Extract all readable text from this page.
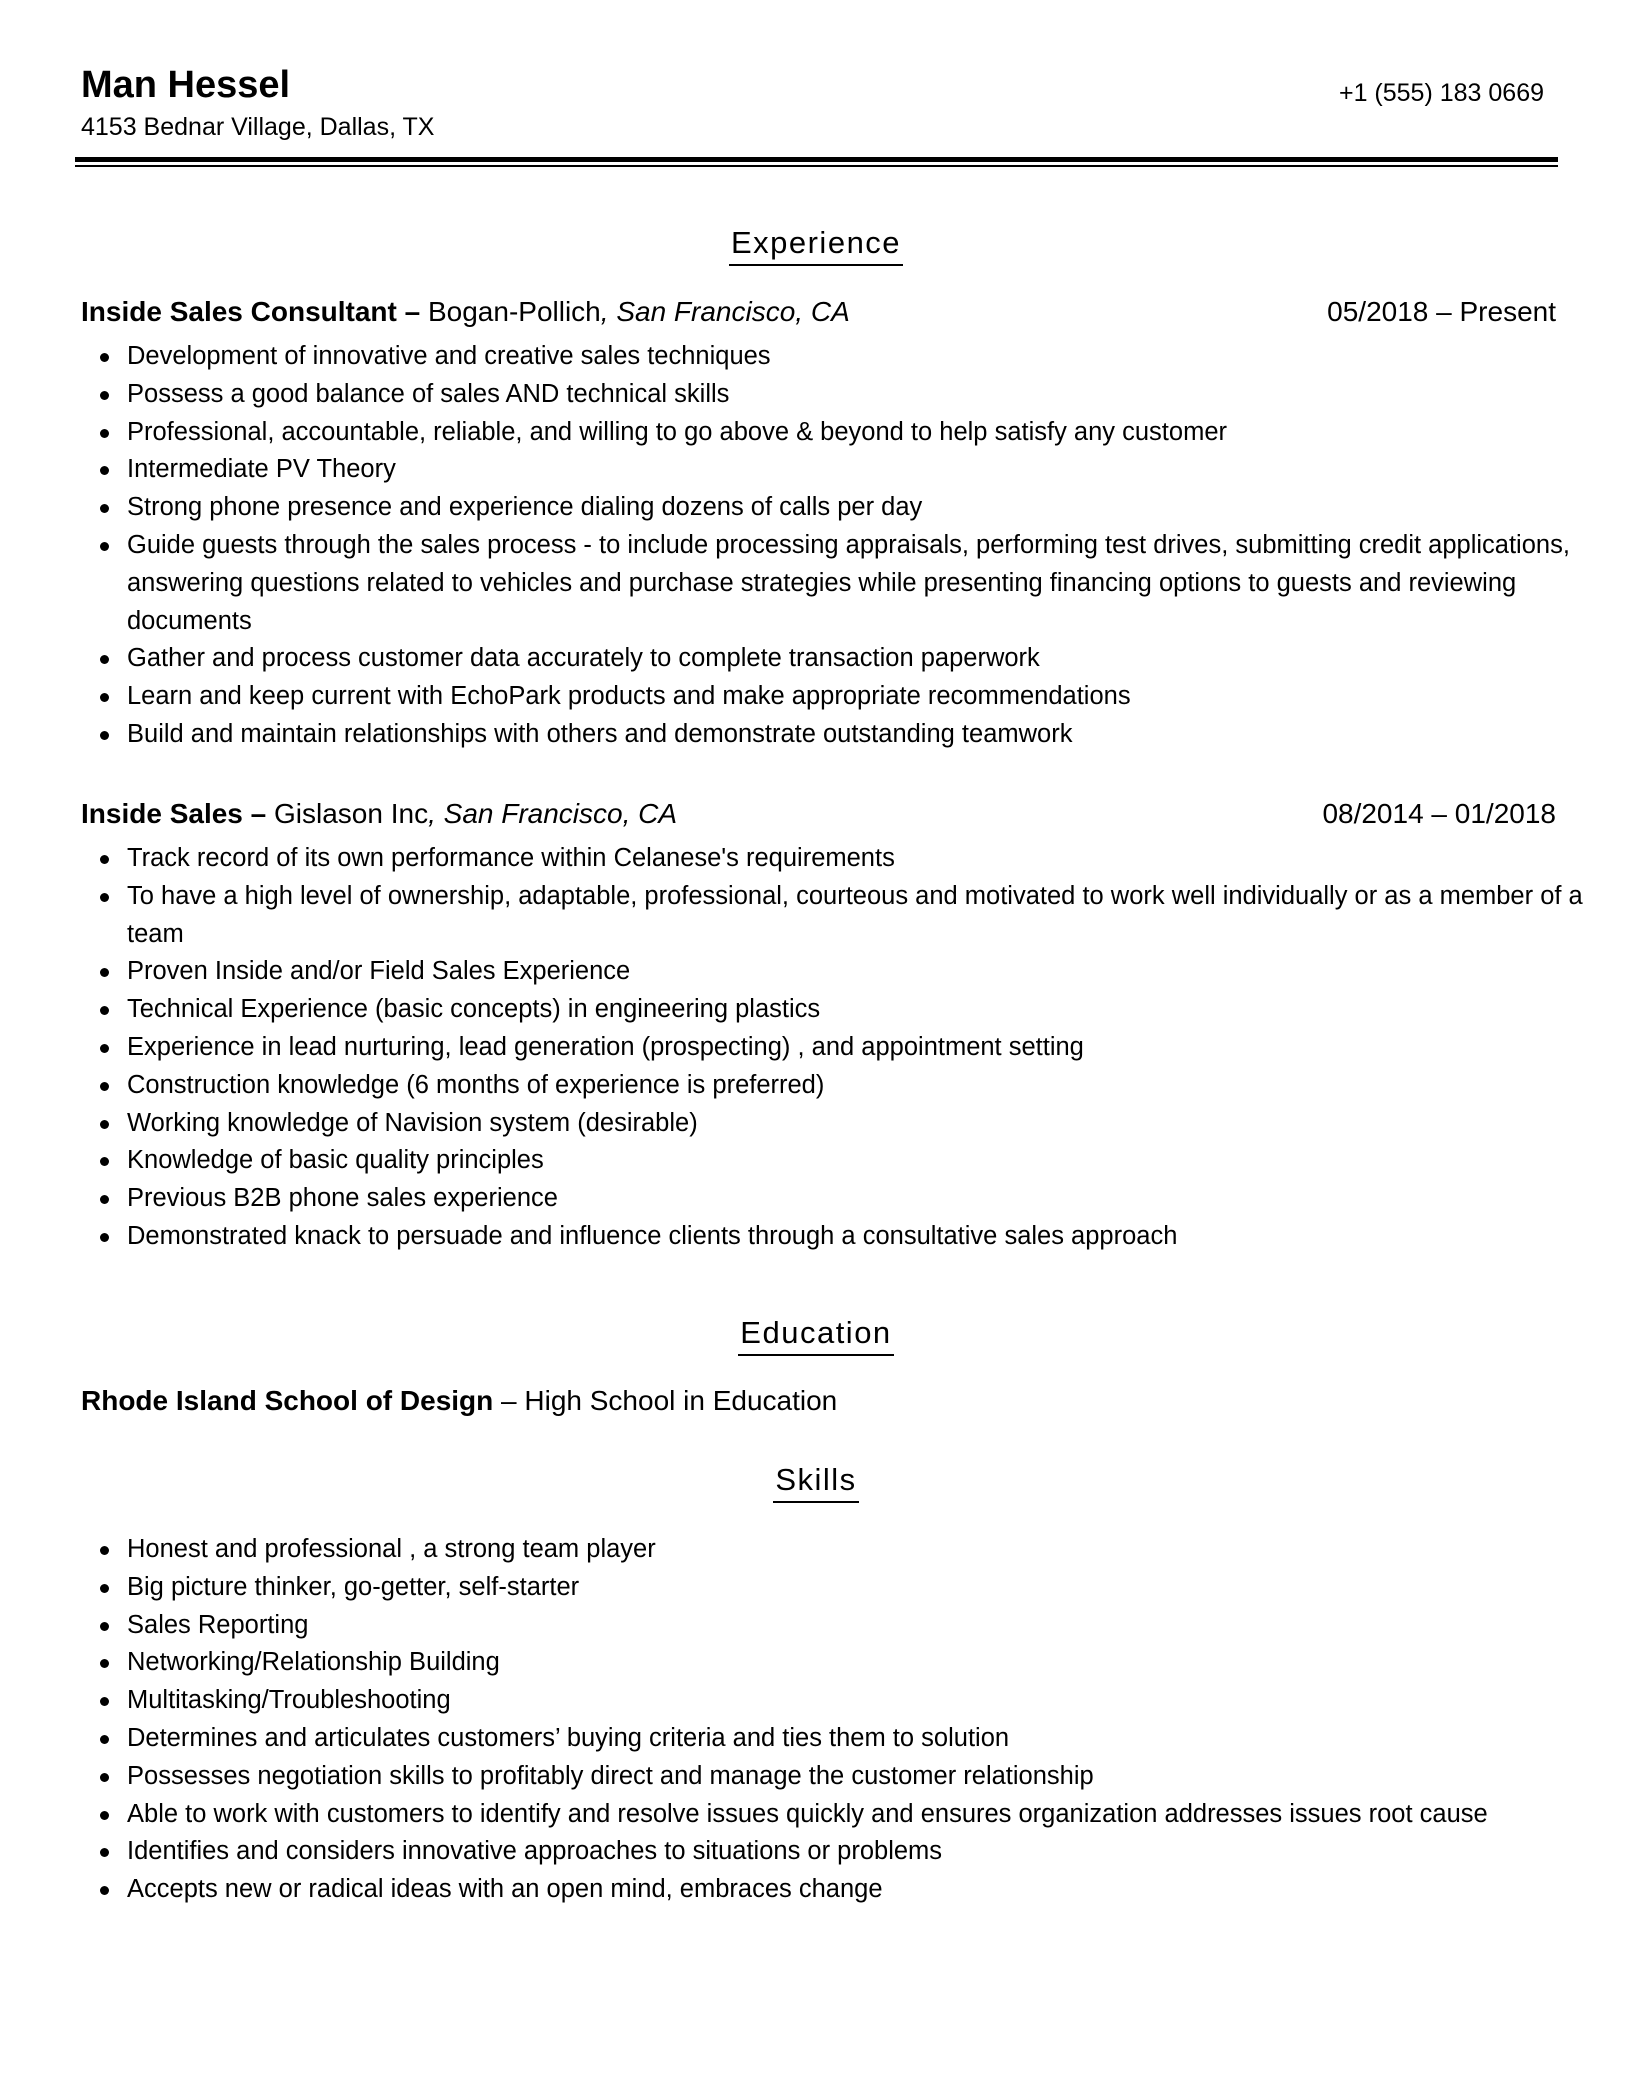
Man Hessel
4153 Bednar Village, Dallas, TX
+1 (555) 183 0669
Experience
Inside Sales Consultant – Bogan-Pollich, San Francisco, CA	05/2018 – Present
Development of innovative and creative sales techniques
Possess a good balance of sales AND technical skills
Professional, accountable, reliable, and willing to go above & beyond to help satisfy any customer
Intermediate PV Theory
Strong phone presence and experience dialing dozens of calls per day
Guide guests through the sales process - to include processing appraisals, performing test drives, submitting credit applications, answering questions related to vehicles and purchase strategies while presenting financing options to guests and reviewing documents
Gather and process customer data accurately to complete transaction paperwork
Learn and keep current with EchoPark products and make appropriate recommendations
Build and maintain relationships with others and demonstrate outstanding teamwork
Inside Sales – Gislason Inc, San Francisco, CA	08/2014 – 01/2018
Track record of its own performance within Celanese's requirements
To have a high level of ownership, adaptable, professional, courteous and motivated to work well individually or as a member of a team
Proven Inside and/or Field Sales Experience
Technical Experience (basic concepts) in engineering plastics
Experience in lead nurturing, lead generation (prospecting) , and appointment setting
Construction knowledge (6 months of experience is preferred)
Working knowledge of Navision system (desirable)
Knowledge of basic quality principles
Previous B2B phone sales experience
Demonstrated knack to persuade and influence clients through a consultative sales approach
Education
Rhode Island School of Design – High School in Education
Skills
Honest and professional , a strong team player
Big picture thinker, go-getter, self-starter
Sales Reporting
Networking/Relationship Building
Multitasking/Troubleshooting
Determines and articulates customers’ buying criteria and ties them to solution
Possesses negotiation skills to profitably direct and manage the customer relationship
Able to work with customers to identify and resolve issues quickly and ensures organization addresses issues root cause
Identifies and considers innovative approaches to situations or problems
Accepts new or radical ideas with an open mind, embraces change
